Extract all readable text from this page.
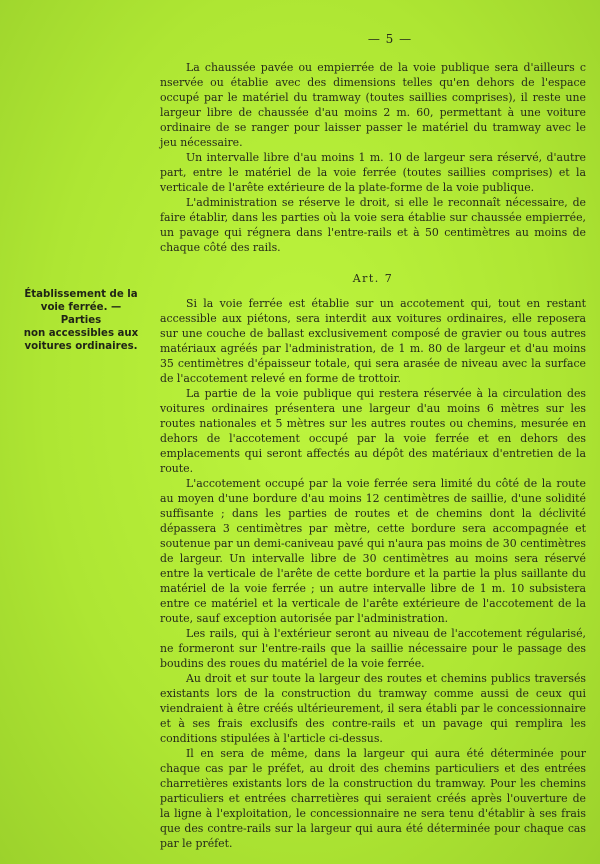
— 5 —
Établissement de la
voie ferrée. — Parties
non accessibles aux
voitures ordinaires.

La chaussée pavée ou empierrée de la voie publique sera d'ailleurs c nservée ou établie avec des dimensions telles qu'en dehors de l'espace occupé par le matériel du tramway (toutes saillies comprises), il reste une largeur libre de chaussée d'au moins 2 m. 60, permettant à une voiture ordinaire de se ranger pour laisser passer le matériel du tramway avec le jeu nécessaire.

Un intervalle libre d'au moins 1 m. 10 de largeur sera réservé, d'autre part, entre le matériel de la voie ferrée (toutes saillies comprises) et la verticale de l'arête extérieure de la plate-forme de la voie publique.

L'administration se réserve le droit, si elle le reconnaît nécessaire, de faire établir, dans les parties où la voie sera établie sur chaussée empierrée, un pavage qui régnera dans l'entre-rails et à 50 centimètres au moins de chaque côté des rails.

Art. 7

Si la voie ferrée est établie sur un accotement qui, tout en restant accessible aux piétons, sera interdit aux voitures ordinaires, elle reposera sur une couche de ballast exclusivement composé de gravier ou tous autres matériaux agréés par l'administration, de 1 m. 80 de largeur et d'au moins 35 centimètres d'épaisseur totale, qui sera arasée de niveau avec la surface de l'accotement relevé en forme de trottoir.

La partie de la voie publique qui restera réservée à la circulation des voitures ordinaires présentera une largeur d'au moins 6 mètres sur les routes nationales et 5 mètres sur les autres routes ou chemins, mesurée en dehors de l'accotement occupé par la voie ferrée et en dehors des emplacements qui seront affectés au dépôt des matériaux d'entretien de la route.

L'accotement occupé par la voie ferrée sera limité du côté de la route au moyen d'une bordure d'au moins 12 centimètres de saillie, d'une solidité suffisante ; dans les parties de routes et de chemins dont la déclivité dépassera 3 centimètres par mètre, cette bordure sera accompagnée et soutenue par un demi-caniveau pavé qui n'aura pas moins de 30 centimètres de largeur. Un intervalle libre de 30 centimètres au moins sera réservé entre la verticale de l'arête de cette bordure et la partie la plus saillante du matériel de la voie ferrée ; un autre intervalle libre de 1 m. 10 subsistera entre ce matériel et la verticale de l'arête extérieure de l'accotement de la route, sauf exception autorisée par l'administration.

Les rails, qui à l'extérieur seront au niveau de l'accotement régularisé, ne formeront sur l'entre-rails que la saillie nécessaire pour le passage des boudins des roues du matériel de la voie ferrée.

Au droit et sur toute la largeur des routes et chemins publics traversés existants lors de la construction du tramway comme aussi de ceux qui viendraient à être créés ultérieurement, il sera établi par le concessionnaire et à ses frais exclusifs des contre-rails et un pavage qui remplira les conditions stipulées à l'article ci-dessus.

Il en sera de même, dans la largeur qui aura été déterminée pour chaque cas par le préfet, au droit des chemins particuliers et des entrées charretières existants lors de la construction du tramway. Pour les chemins particuliers et entrées charretières qui seraient créés après l'ouverture de la ligne à l'exploitation, le concessionnaire ne sera tenu d'établir à ses frais que des contre-rails sur la largeur qui aura été déterminée pour chaque cas par le préfet.
